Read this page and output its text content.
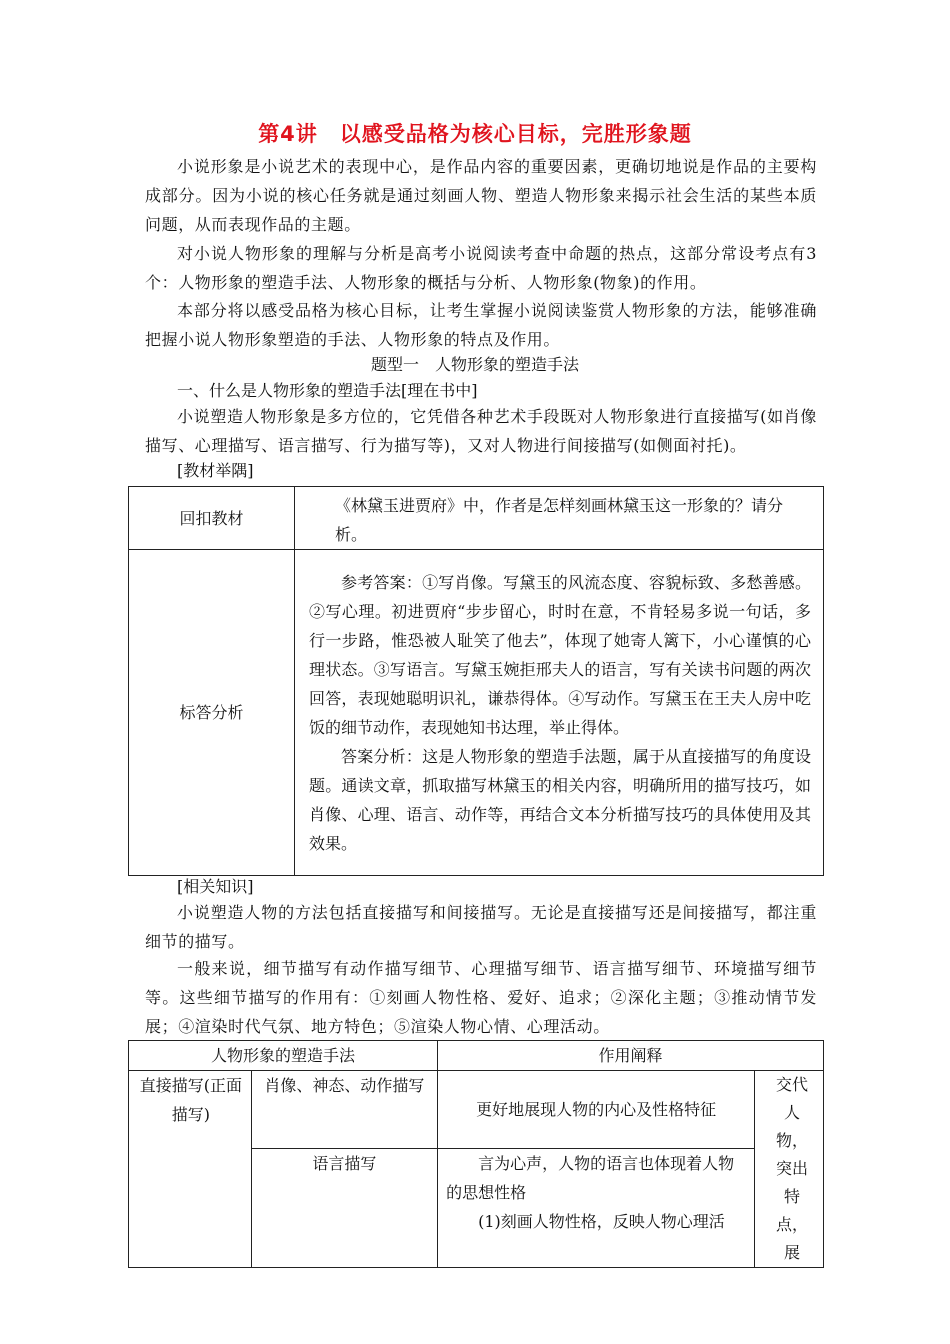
第4讲　以感受品格为核心目标，完胜形象题

小说形象是小说艺术的表现中心，是作品内容的重要因素，更确切地说是作品的主要构成部分。因为小说的核心任务就是通过刻画人物、塑造人物形象来揭示社会生活的某些本质问题，从而表现作品的主题。

对小说人物形象的理解与分析是高考小说阅读考查中命题的热点，这部分常设考点有3个：人物形象的塑造手法、人物形象的概括与分析、人物形象(物象)的作用。

本部分将以感受品格为核心目标，让考生掌握小说阅读鉴赏人物形象的方法，能够准确把握小说人物形象塑造的手法、人物形象的特点及作用。

题型一　人物形象的塑造手法
一、什么是人物形象的塑造手法[理在书中]

小说塑造人物形象是多方位的，它凭借各种艺术手段既对人物形象进行直接描写(如肖像描写、心理描写、语言描写、行为描写等)，又对人物进行间接描写(如侧面衬托)。

[教材举隅]
回扣教材	《林黛玉进贾府》中，作者是怎样刻画林黛玉这一形象的？请分析。

标答分析	参考答案：①写肖像。写黛玉的风流态度、容貌标致、多愁善感。②写心理。初进贾府“步步留心，时时在意，不肯轻易多说一句话，多行一步路，惟恐被人耻笑了他去”，体现了她寄人篱下，小心谨慎的心理状态。③写语言。写黛玉婉拒邢夫人的语言，写有关读书问题的两次回答，表现她聪明识礼，谦恭得体。④写动作。写黛玉在王夫人房中吃饭的细节动作，表现她知书达理，举止得体。

答案分析：这是人物形象的塑造手法题，属于从直接描写的角度设题。通读文章，抓取描写林黛玉的相关内容，明确所用的描写技巧，如肖像、心理、语言、动作等，再结合文本分析描写技巧的具体使用及其效果。

[相关知识]

小说塑造人物的方法包括直接描写和间接描写。无论是直接描写还是间接描写，都注重细节的描写。

一般来说，细节描写有动作描写细节、心理描写细节、语言描写细节、环境描写细节等。这些细节描写的作用有：①刻画人物性格、爱好、追求；②深化主题；③推动情节发展；④渲染时代气氛、地方特色；⑤渲染人物心情、心理活动。

人物形象的塑造手法		作用阐释	

直接描写(正面描写)	肖像、神态、动作描写	更好地展现人物的内心及性格特征	交代人物，突出特点，展

	语言描写	言为心声，人物的语言也体现着人物的思想性格
(1)刻画人物性格，反映人物心理活	
